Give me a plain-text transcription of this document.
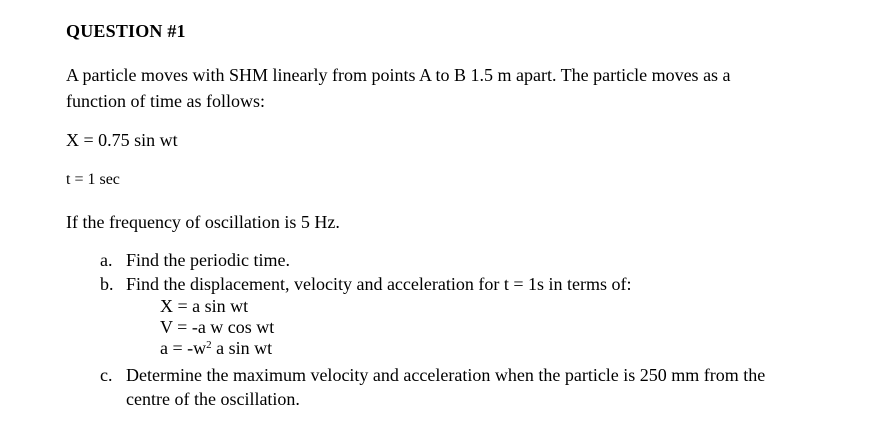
QUESTION #1
A particle moves with SHM linearly from points A to B 1.5 m apart. The particle moves as a
function of time as follows:
X = 0.75 sin wt
t = 1 sec
If the frequency of oscillation is 5 Hz.
a. Find the periodic time.
b. Find the displacement, velocity and acceleration for t = 1s in terms of:
X = a sin wt
V = -a w cos wt
$a = -w^2$ a sin wt
c. Determine the maximum velocity and acceleration when the particle is 250 mm from the
centre of the oscillation.
